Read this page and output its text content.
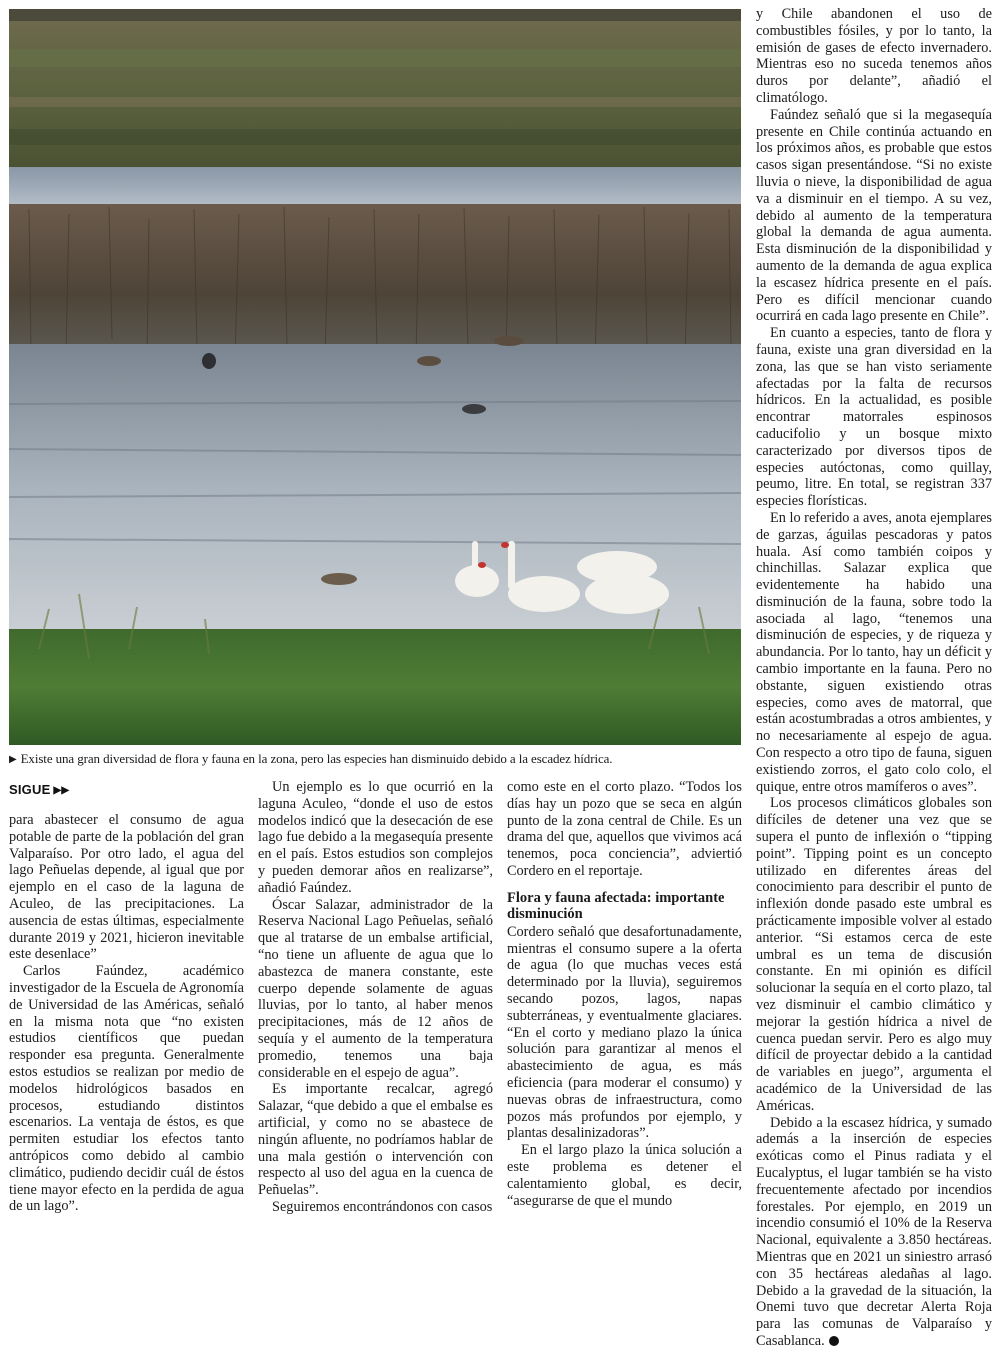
▶ Existe una gran diversidad de flora y fauna en la zona, pero las especies han disminuido debido a la escadez hídrica.
SIGUE ▶▶

para abastecer el consumo de agua potable de parte de la población del gran Valparaíso. Por otro lado, el agua del lago Peñuelas depende, al igual que por ejemplo en el caso de la laguna de Aculeo, de las precipitaciones. La ausencia de estas últimas, especialmente durante 2019 y 2021, hicieron inevitable este desenlace”

Carlos Faúndez, académico investigador de la Escuela de Agronomía de Universidad de las Américas, señaló en la misma nota que “no existen estudios científicos que puedan responder esa pregunta. Generalmente estos estudios se realizan por medio de modelos hidrológicos basados en procesos, estudiando distintos escenarios. La ventaja de éstos, es que permiten estudiar los efectos tanto antrópicos como debido al cambio climático, pudiendo decidir cuál de éstos tiene mayor efecto en la perdida de agua de un lago”.

Un ejemplo es lo que ocurrió en la laguna Aculeo, “donde el uso de estos modelos indicó que la desecación de ese lago fue debido a la megasequía presente en el país. Estos estudios son complejos y pueden demorar años en realizarse”, añadió Faúndez.

Óscar Salazar, administrador de la Reserva Nacional Lago Peñuelas, señaló que al tratarse de un embalse artificial, “no tiene un afluente de agua que lo abastezca de manera constante, este cuerpo depende solamente de aguas lluvias, por lo tanto, al haber menos precipitaciones, más de 12 años de sequía y el aumento de la temperatura promedio, tenemos una baja considerable en el espejo de agua”.

Es importante recalcar, agregó Salazar, “que debido a que el embalse es artificial, y como no se abastece de ningún afluente, no podríamos hablar de una mala gestión o intervención con respecto al uso del agua en la cuenca de Peñuelas”.

Seguiremos encontrándonos con casos

como este en el corto plazo. “Todos los días hay un pozo que se seca en algún punto de la zona central de Chile. Es un drama del que, aquellos que vivimos acá tenemos, poca conciencia”, adviertió Cordero en el reportaje.

Flora y fauna afectada: importante disminución

Cordero señaló que desafortunadamente, mientras el consumo supere a la oferta de agua (lo que muchas veces está determinado por la lluvia), seguiremos secando pozos, lagos, napas subterráneas, y eventualmente glaciares. “En el corto y mediano plazo la única solución para garantizar al menos el abastecimiento de agua, es más eficiencia (para moderar el consumo) y nuevas obras de infraestructura, como pozos más profundos por ejemplo, y plantas desalinizadoras”.

En el largo plazo la única solución a este problema es detener el calentamiento global, es decir, “asegurarse de que el mundo

y Chile abandonen el uso de combustibles fósiles, y por lo tanto, la emisión de gases de efecto invernadero. Mientras eso no suceda tenemos años duros por delante”, añadió el climatólogo.

Faúndez señaló que si la megasequía presente en Chile continúa actuando en los próximos años, es probable que estos casos sigan presentándose. “Si no existe lluvia o nieve, la disponibilidad de agua va a disminuir en el tiempo. A su vez, debido al aumento de la temperatura global la demanda de agua aumenta. Esta disminución de la disponibilidad y aumento de la demanda de agua explica la escasez hídrica presente en el país. Pero es difícil mencionar cuando ocurrirá en cada lago presente en Chile”.

En cuanto a especies, tanto de flora y fauna, existe una gran diversidad en la zona, las que se han visto seriamente afectadas por la falta de recursos hídricos. En la actualidad, es posible encontrar matorrales espinosos caducifolio y un bosque mixto caracterizado por diversos tipos de especies autóctonas, como quillay, peumo, litre. En total, se registran 337 especies florísticas.

En lo referido a aves, anota ejemplares de garzas, águilas pescadoras y patos huala. Así como también coipos y chinchillas. Salazar explica que evidentemente ha habido una disminución de la fauna, sobre todo la asociada al lago, “tenemos una disminución de especies, y de riqueza y abundancia. Por lo tanto, hay un déficit y cambio importante en la fauna. Pero no obstante, siguen existiendo otras especies, como aves de matorral, que están acostumbradas a otros ambientes, y no necesariamente al espejo de agua. Con respecto a otro tipo de fauna, siguen existiendo zorros, el gato colo colo, el quique, entre otros mamíferos o aves”.

Los procesos climáticos globales son difíciles de detener una vez que se supera el punto de inflexión o “tipping point”. Tipping point es un concepto utilizado en diferentes áreas del conocimiento para describir el punto de inflexión donde pasado este umbral es prácticamente imposible volver al estado anterior. “Si estamos cerca de este umbral es un tema de discusión constante. En mi opinión es difícil solucionar la sequía en el corto plazo, tal vez disminuir el cambio climático y mejorar la gestión hídrica a nivel de cuenca puedan servir. Pero es algo muy difícil de proyectar debido a la cantidad de variables en juego”, argumenta el académico de la Universidad de las Américas.

Debido a la escasez hídrica, y sumado además a la inserción de especies exóticas como el Pinus radiata y el Eucalyptus, el lugar también se ha visto frecuentemente afectado por incendios forestales. Por ejemplo, en 2019 un incendio consumió el 10% de la Reserva Nacional, equivalente a 3.850 hectáreas. Mientras que en 2021 un siniestro arrasó con 35 hectáreas aledañas al lago. Debido a la gravedad de la situación, la Onemi tuvo que decretar Alerta Roja para las comunas de Valparaíso y Casablanca.
